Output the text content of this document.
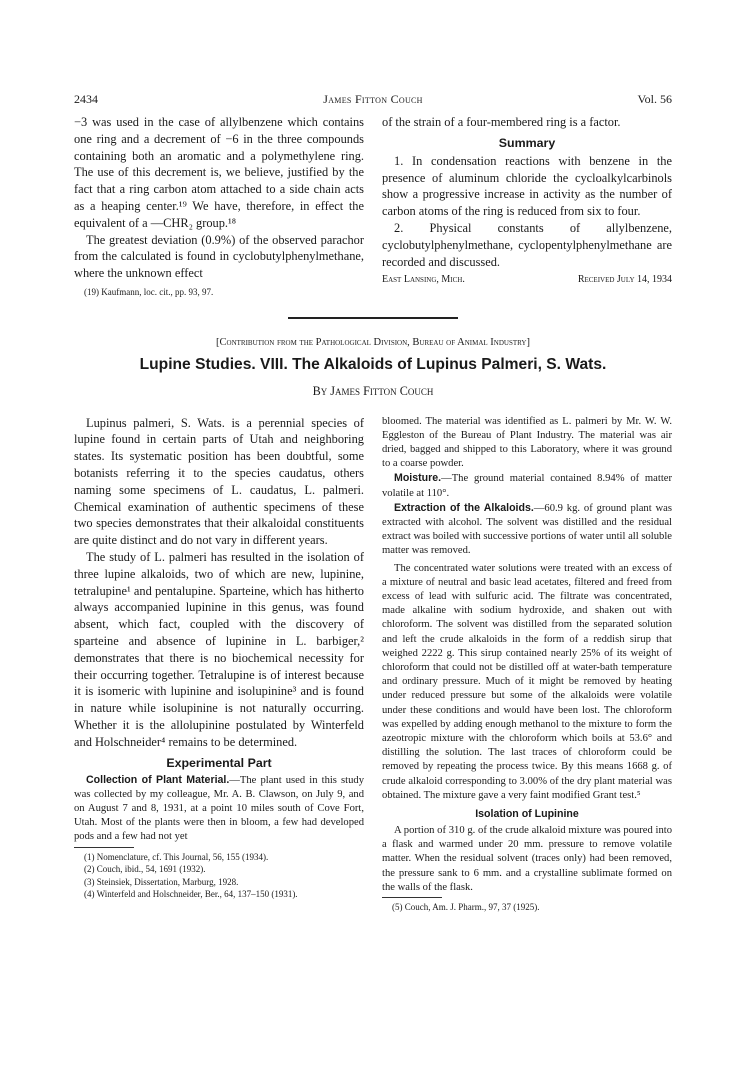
2434	James Fitton Couch	Vol. 56

−3 was used in the case of allylbenzene which contains one ring and a decrement of −6 in the three compounds containing both an aromatic and a polymethylene ring. The use of this decrement is, we believe, justified by the fact that a ring carbon atom attached to a side chain acts as a heaping center.¹⁹ We have, therefore, in effect the equivalent of a —CHR₂ group.¹⁸

The greatest deviation (0.9%) of the observed parachor from the calculated is found in cyclobutylphenylmethane, where the unknown effect

(19) Kaufmann, loc. cit., pp. 93, 97.

of the strain of a four-membered ring is a factor.

Summary

1. In condensation reactions with benzene in the presence of aluminum chloride the cycloalkylcarbinols show a progressive increase in activity as the number of carbon atoms of the ring is reduced from six to four.

2. Physical constants of allylbenzene, cyclobutylphenylmethane, cyclopentylphenylmethane are recorded and discussed.

East Lansing, Mich.	Received July 14, 1934
[Contribution from the Pathological Division, Bureau of Animal Industry]
Lupine Studies. VIII. The Alkaloids of Lupinus Palmeri, S. Wats.
By James Fitton Couch

Lupinus palmeri, S. Wats. is a perennial species of lupine found in certain parts of Utah and neighboring states. Its systematic position has been doubtful, some botanists referring it to the species caudatus, others naming some specimens of L. caudatus, L. palmeri. Chemical examination of authentic specimens of these two species demonstrates that their alkaloidal constituents are quite distinct and do not vary in different years.

The study of L. palmeri has resulted in the isolation of three lupine alkaloids, two of which are new, lupinine, tetralupine¹ and pentalupine. Sparteine, which has hitherto always accompanied lupinine in this genus, was found absent, which fact, coupled with the discovery of sparteine and absence of lupinine in L. barbiger,² demonstrates that there is no biochemical necessity for their occurring together. Tetralupine is of interest because it is isomeric with lupinine and isolupinine³ and is found in nature while isolupinine is not naturally occurring. Whether it is the allolupinine postulated by Winterfeld and Holschneider⁴ remains to be determined.

Experimental Part

Collection of Plant Material.—The plant used in this study was collected by my colleague, Mr. A. B. Clawson, on July 9, and on August 7 and 8, 1931, at a point 10 miles south of Cove Fort, Utah. Most of the plants were then in bloom, a few had developed pods and a few had not yet

(1) Nomenclature, cf. This Journal, 56, 155 (1934).

(2) Couch, ibid., 54, 1691 (1932).

(3) Steinsiek, Dissertation, Marburg, 1928.

(4) Winterfeld and Holschneider, Ber., 64, 137–150 (1931).

bloomed. The material was identified as L. palmeri by Mr. W. W. Eggleston of the Bureau of Plant Industry. The material was air dried, bagged and shipped to this Laboratory, where it was ground to a coarse powder.

Moisture.—The ground material contained 8.94% of matter volatile at 110°.

Extraction of the Alkaloids.—60.9 kg. of ground plant was extracted with alcohol. The solvent was distilled and the residual extract was boiled with successive portions of water until all soluble matter was removed.

The concentrated water solutions were treated with an excess of a mixture of neutral and basic lead acetates, filtered and freed from excess of lead with sulfuric acid. The filtrate was concentrated, made alkaline with sodium hydroxide, and shaken out with chloroform. The solvent was distilled from the separated solution and left the crude alkaloids in the form of a reddish sirup that weighed 2222 g. This sirup contained nearly 25% of its weight of chloroform that could not be distilled off at water-bath temperature and ordinary pressure. Much of it might be removed by heating under reduced pressure but some of the alkaloids were volatile under these conditions and would have been lost. The chloroform was expelled by adding enough methanol to the mixture to form the azeotropic mixture with the chloroform which boils at 53.6° and distilling the solution. The last traces of chloroform could be removed by repeating the process twice. By this means 1668 g. of crude alkaloid corresponding to 3.00% of the dry plant material was obtained. The mixture gave a very faint modified Grant test.⁵

Isolation of Lupinine

A portion of 310 g. of the crude alkaloid mixture was poured into a flask and warmed under 20 mm. pressure to remove volatile matter. When the residual solvent (traces only) had been removed, the pressure sank to 6 mm. and a crystalline sublimate formed on the walls of the flask.

(5) Couch, Am. J. Pharm., 97, 37 (1925).
